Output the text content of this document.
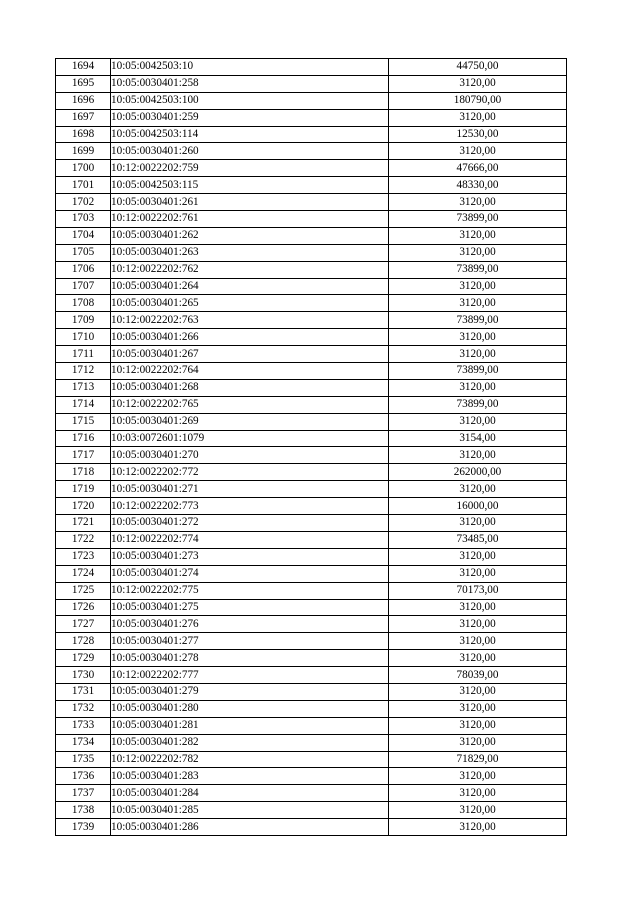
1694	10:05:0042503:10	44750,00
1695	10:05:0030401:258	3120,00
1696	10:05:0042503:100	180790,00
1697	10:05:0030401:259	3120,00
1698	10:05:0042503:114	12530,00
1699	10:05:0030401:260	3120,00
1700	10:12:0022202:759	47666,00
1701	10:05:0042503:115	48330,00
1702	10:05:0030401:261	3120,00
1703	10:12:0022202:761	73899,00
1704	10:05:0030401:262	3120,00
1705	10:05:0030401:263	3120,00
1706	10:12:0022202:762	73899,00
1707	10:05:0030401:264	3120,00
1708	10:05:0030401:265	3120,00
1709	10:12:0022202:763	73899,00
1710	10:05:0030401:266	3120,00
1711	10:05:0030401:267	3120,00
1712	10:12:0022202:764	73899,00
1713	10:05:0030401:268	3120,00
1714	10:12:0022202:765	73899,00
1715	10:05:0030401:269	3120,00
1716	10:03:0072601:1079	3154,00
1717	10:05:0030401:270	3120,00
1718	10:12:0022202:772	262000,00
1719	10:05:0030401:271	3120,00
1720	10:12:0022202:773	16000,00
1721	10:05:0030401:272	3120,00
1722	10:12:0022202:774	73485,00
1723	10:05:0030401:273	3120,00
1724	10:05:0030401:274	3120,00
1725	10:12:0022202:775	70173,00
1726	10:05:0030401:275	3120,00
1727	10:05:0030401:276	3120,00
1728	10:05:0030401:277	3120,00
1729	10:05:0030401:278	3120,00
1730	10:12:0022202:777	78039,00
1731	10:05:0030401:279	3120,00
1732	10:05:0030401:280	3120,00
1733	10:05:0030401:281	3120,00
1734	10:05:0030401:282	3120,00
1735	10:12:0022202:782	71829,00
1736	10:05:0030401:283	3120,00
1737	10:05:0030401:284	3120,00
1738	10:05:0030401:285	3120,00
1739	10:05:0030401:286	3120,00
